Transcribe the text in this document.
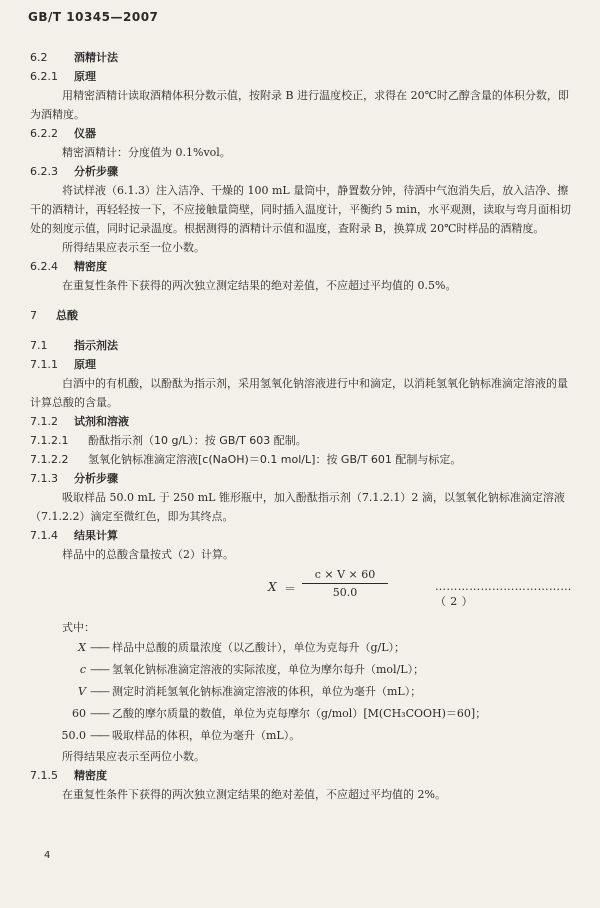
GB/T 10345—2007

6.2 酒精计法

6.2.1 原理

用精密酒精计读取酒精体积分数示值，按附录 B 进行温度校正，求得在 20℃时乙醇含量的体积分数，即为酒精度。

6.2.2 仪器

精密酒精计：分度值为 0.1%vol。

6.2.3 分析步骤

将试样液（6.1.3）注入洁净、干燥的 100 mL 量筒中，静置数分钟，待酒中气泡消失后，放入洁净、擦干的酒精计，再轻轻按一下，不应接触量筒壁，同时插入温度计，平衡约 5 min，水平观测，读取与弯月面相切处的刻度示值，同时记录温度。根据测得的酒精计示值和温度，查附录 B，换算成 20℃时样品的酒精度。

所得结果应表示至一位小数。

6.2.4 精密度

在重复性条件下获得的两次独立测定结果的绝对差值，不应超过平均值的 0.5%。

7 总酸

7.1 指示剂法

7.1.1 原理

白酒中的有机酸，以酚酞为指示剂，采用氢氧化钠溶液进行中和滴定，以消耗氢氧化钠标准滴定溶液的量计算总酸的含量。

7.1.2 试剂和溶液

7.1.2.1 酚酞指示剂（10 g/L）：按 GB/T 603 配制。

7.1.2.2 氢氧化钠标准滴定溶液[c(NaOH)＝0.1 mol/L]：按 GB/T 601 配制与标定。

7.1.3 分析步骤

吸取样品 50.0 mL 于 250 mL 锥形瓶中，加入酚酞指示剂（7.1.2.1）2 滴，以氢氧化钠标准滴定溶液（7.1.2.2）滴定至微红色，即为其终点。

7.1.4 结果计算

样品中的总酸含量按式（2）计算。

$X = \frac{c \times V \times 60}{50.0}$	………………………………（ 2 ）

式中：

X —— 样品中总酸的质量浓度（以乙酸计），单位为克每升（g/L）；
c —— 氢氧化钠标准滴定溶液的实际浓度，单位为摩尔每升（mol/L）；
V —— 测定时消耗氢氧化钠标准滴定溶液的体积，单位为毫升（mL）；
60 —— 乙酸的摩尔质量的数值，单位为克每摩尔（g/mol）[M(CH₃COOH)＝60]；
50.0 —— 吸取样品的体积，单位为毫升（mL）。

所得结果应表示至两位小数。

7.1.5 精密度

在重复性条件下获得的两次独立测定结果的绝对差值，不应超过平均值的 2%。

4
